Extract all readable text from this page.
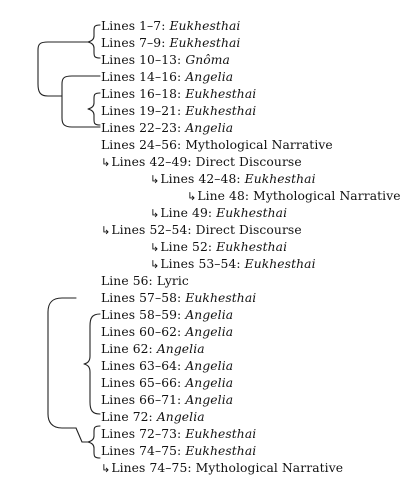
Lines 1–7: Eukhesthai
Lines 7–9: Eukhesthai
Lines 10–13: Gnômа
Lines 14–16: Angelia
Lines 16–18: Eukhesthai
Lines 19–21: Eukhesthai
Lines 22–23: Angelia
Lines 24–56: Mythological Narrative
↳Lines 42–49: Direct Discourse
↳Lines 42–48: Eukhesthai
↳Line 48: Mythological Narrative
↳Line 49: Eukhesthai
↳Lines 52–54: Direct Discourse
↳Line 52: Eukhesthai
↳Lines 53–54: Eukhesthai
Line 56: Lyric
Lines 57–58: Eukhesthai
Lines 58–59: Angelia
Lines 60–62: Angelia
Line 62: Angelia
Lines 63–64: Angelia
Lines 65–66: Angelia
Lines 66–71: Angelia
Line 72: Angelia
Lines 72–73: Eukhesthai
Lines 74–75: Eukhesthai
↳Lines 74–75: Mythological Narrative
